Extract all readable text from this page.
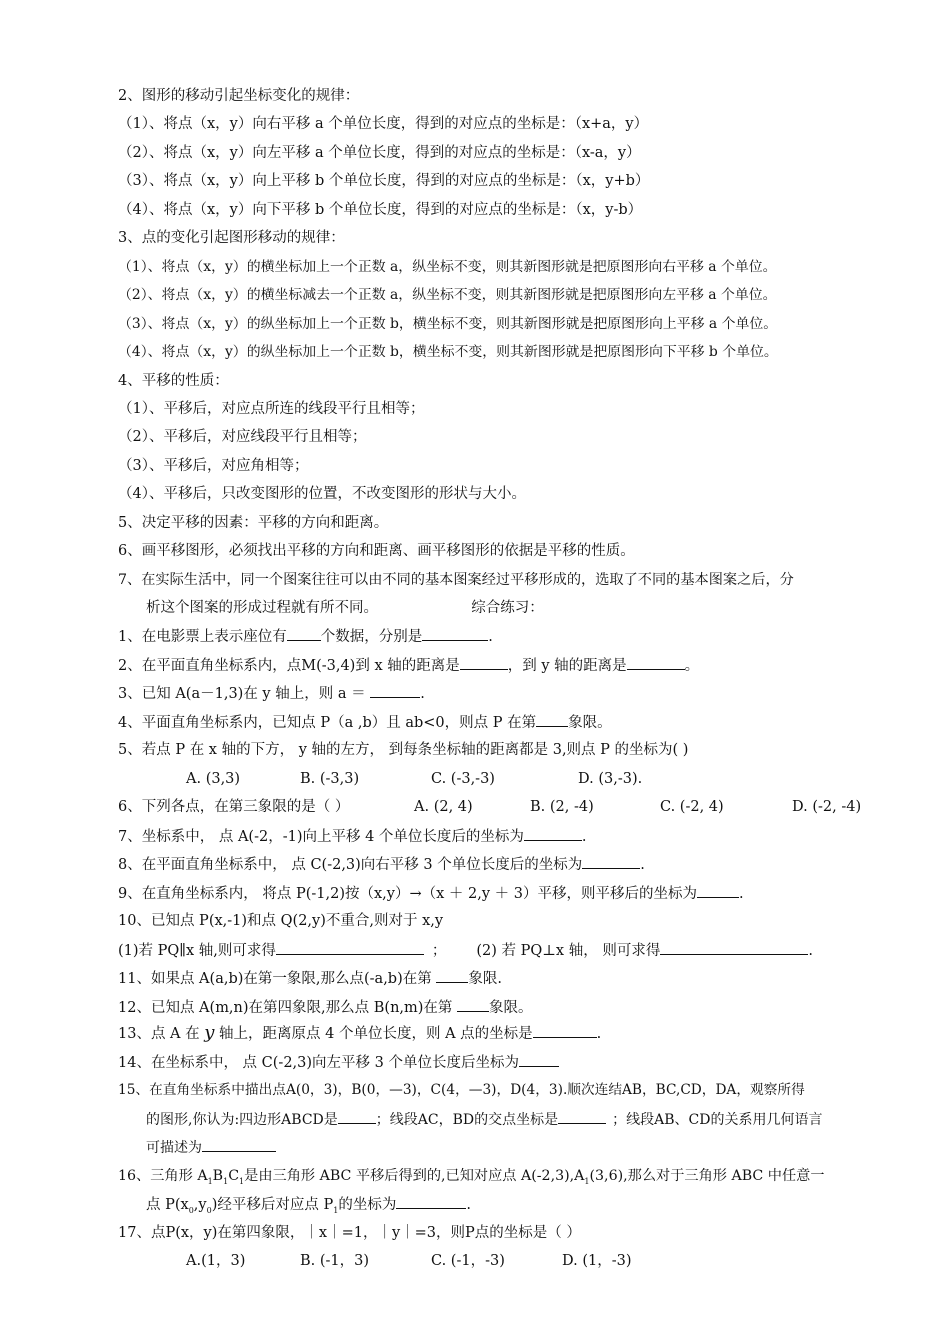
2、图形的移动引起坐标变化的规律：
（1）、将点（x，y）向右平移 a 个单位长度，得到的对应点的坐标是：（x+a，y）
（2）、将点（x，y）向左平移 a 个单位长度，得到的对应点的坐标是：（x-a，y）
（3）、将点（x，y）向上平移 b 个单位长度，得到的对应点的坐标是：（x，y+b）
（4）、将点（x，y）向下平移 b 个单位长度，得到的对应点的坐标是：（x，y-b）
3、点的变化引起图形移动的规律：
（1）、将点（x，y）的横坐标加上一个正数 a，纵坐标不变，则其新图形就是把原图形向右平移 a 个单位。
（2）、将点（x，y）的横坐标减去一个正数 a，纵坐标不变，则其新图形就是把原图形向左平移 a 个单位。
（3）、将点（x，y）的纵坐标加上一个正数 b，横坐标不变，则其新图形就是把原图形向上平移 a 个单位。
（4）、将点（x，y）的纵坐标加上一个正数 b，横坐标不变，则其新图形就是把原图形向下平移 b 个单位。
4、平移的性质：
（1）、平移后，对应点所连的线段平行且相等；
（2）、平移后，对应线段平行且相等；
（3）、平移后，对应角相等；
（4）、平移后，只改变图形的位置，不改变图形的形状与大小。
5、决定平移的因素：平移的方向和距离。
6、画平移图形，必须找出平移的方向和距离、画平移图形的依据是平移的性质。
7、在实际生活中，同一个图案往往可以由不同的基本图案经过平移形成的，选取了不同的基本图案之后，分
析这个图案的形成过程就有所不同。	综合练习：
1、在电影票上表示座位有 个数据，分别是	.
2、在平面直角坐标系内，点M(-3,4)到 x 轴的距离是	，到 y 轴的距离是	。
3、已知 A(a－1,3)在 y 轴上，则 a ＝	.
4、平面直角坐标系内，已知点 P（a ,b）且 ab<0，则点 P 在第 象限。
5、若点 P 在 x 轴的下方， y 轴的左方， 到每条坐标轴的距离都是 3,则点 P 的坐标为( )
A. (3,3)	B. (-3,3)	C. (-3,-3)	D. (3,-3).
6、下列各点，在第三象限的是（ ）	A. (2, 4)	B. (2, -4)	C. (-2, 4)	D. (-2, -4)
7、坐标系中， 点 A(-2，-1)向上平移 4 个单位长度后的坐标为	.
8、在平面直角坐标系中， 点 C(-2,3)向右平移 3 个单位长度后的坐标为	.
9、在直角坐标系内， 将点 P(-1,2)按（x,y）→（x ＋ 2,y ＋ 3）平移，则平移后的坐标为	.
10、已知点 P(x,-1)和点 Q(2,y)不重合,则对于 x,y
(1)若 PQ∥x 轴,则可求得	； (2) 若 PQ⊥x 轴， 则可求得	.
11、如果点 A(a,b)在第一象限,那么点(-a,b)在第 象限.
12、已知点 A(m,n)在第四象限,那么点 B(n,m)在第 象限。
13、点 A 在 y 轴上，距离原点 4 个单位长度，则 A 点的坐标是	.
14、在坐标系中， 点 C(-2,3)向左平移 3 个单位长度后坐标为
15、在直角坐标系中描出点A(0，3)，B(0，—3)，C(4，—3)，D(4，3).顺次连结AB，BC,CD，DA，观察所得
的图形,你认为:四边形ABCD是	；线段AC，BD的交点坐标是	；线段AB、CD的关系用几何语言
可描述为
16、三角形 $A_1B_1C_1$是由三角形 ABC 平移后得到的,已知对应点 $A(-2,3),A_1(3,6)$,那么对于三角形 ABC 中任意一
点 $P(x_0,y_0)$经平移后对应点 $P_1$的坐标为	.
17、点P(x，y)在第四象限，｜x｜=1，｜y｜=3，则P点的坐标是（ ）
A.(1，3)	B. (-1，3)	C. (-1，-3)	D. (1，-3)
